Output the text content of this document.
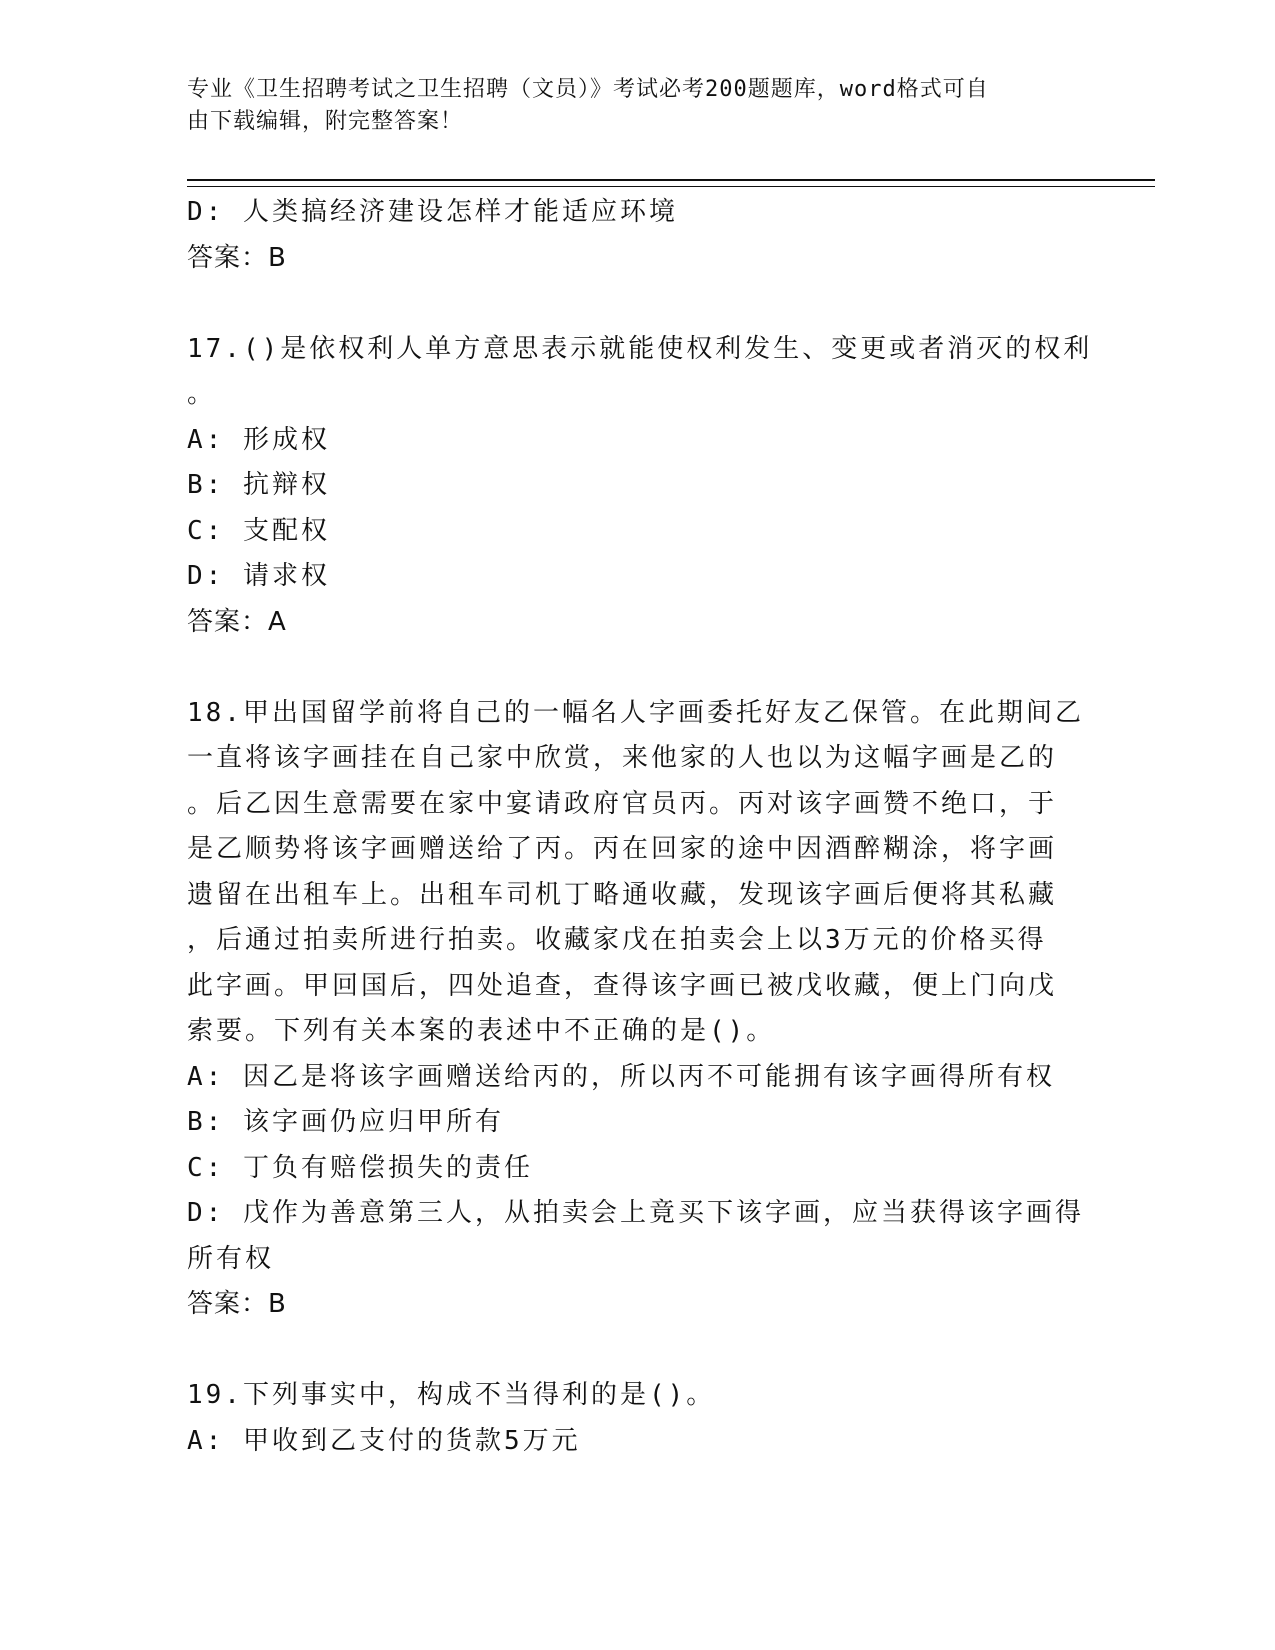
专业《卫生招聘考试之卫生招聘（文员）》考试必考200题题库，word格式可自
由下载编辑，附完整答案！
D: 人类搞经济建设怎样才能适应环境
答案：B
17.()是依权利人单方意思表示就能使权利发生、变更或者消灭的权利
。
A: 形成权
B: 抗辩权
C: 支配权
D: 请求权
答案：A
18.甲出国留学前将自己的一幅名人字画委托好友乙保管。在此期间乙
一直将该字画挂在自己家中欣赏，来他家的人也以为这幅字画是乙的
。后乙因生意需要在家中宴请政府官员丙。丙对该字画赞不绝口，于
是乙顺势将该字画赠送给了丙。丙在回家的途中因酒醉糊涂，将字画
遗留在出租车上。出租车司机丁略通收藏，发现该字画后便将其私藏
，后通过拍卖所进行拍卖。收藏家戊在拍卖会上以3万元的价格买得
此字画。甲回国后，四处追查，查得该字画已被戊收藏，便上门向戊
索要。下列有关本案的表述中不正确的是()。
A: 因乙是将该字画赠送给丙的，所以丙不可能拥有该字画得所有权
B: 该字画仍应归甲所有
C: 丁负有赔偿损失的责任
D: 戊作为善意第三人，从拍卖会上竟买下该字画，应当获得该字画得
所有权
答案：B
19.下列事实中，构成不当得利的是()。
A: 甲收到乙支付的货款5万元
